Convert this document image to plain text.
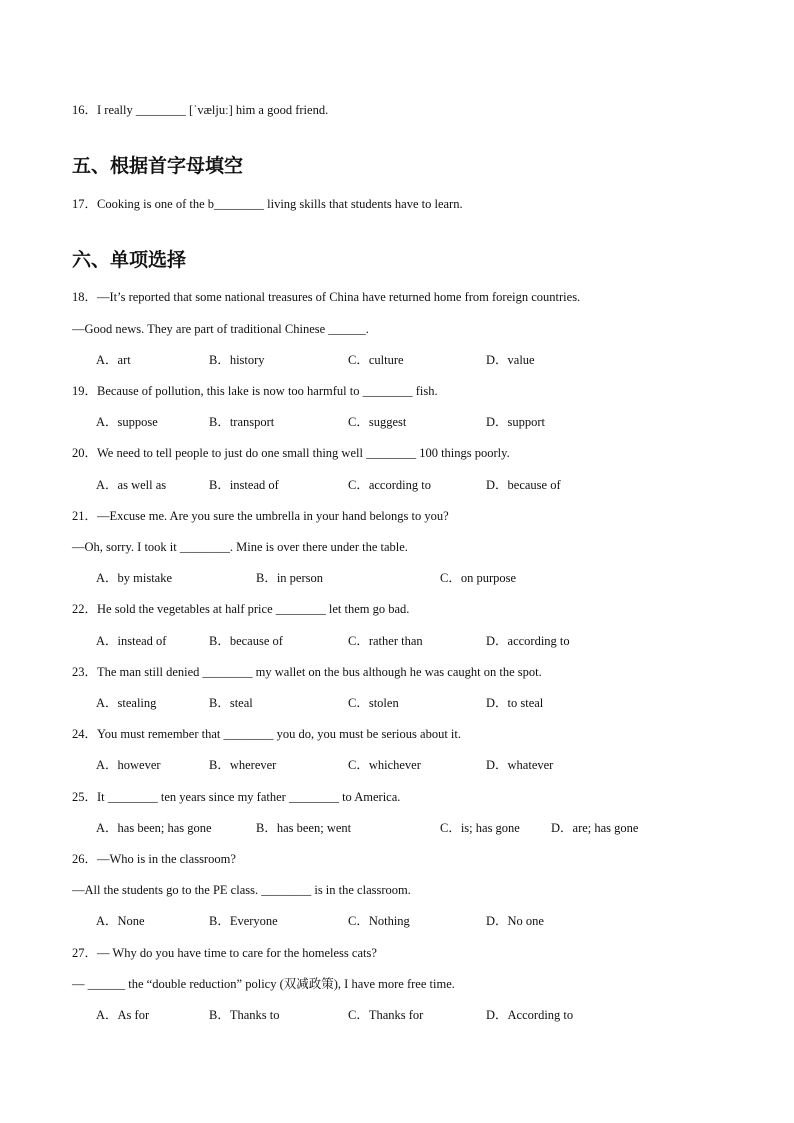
16．I really ________ [ˈvæljuː] him a good friend.
五、根据首字母填空
17．Cooking is one of the b________ living skills that students have to learn.
六、单项选择
18．—It’s reported that some national treasures of China have returned home from foreign countries.
—Good news. They are part of traditional Chinese ______.
A．art	B．history	C．culture	D．value
19．Because of pollution, this lake is now too harmful to ________ fish.
A．suppose	B．transport	C．suggest	D．support
20．We need to tell people to just do one small thing well ________ 100 things poorly.
A．as well as	B．instead of	C．according to	D．because of
21．—Excuse me. Are you sure the umbrella in your hand belongs to you?
—Oh, sorry. I took it ________. Mine is over there under the table.
A．by mistake	B．in person	C．on purpose
22．He sold the vegetables at half price ________ let them go bad.
A．instead of	B．because of	C．rather than	D．according to
23．The man still denied ________ my wallet on the bus although he was caught on the spot.
A．stealing	B．steal	C．stolen	D．to steal
24．You must remember that ________ you do, you must be serious about it.
A．however	B．wherever	C．whichever	D．whatever
25．It ________ ten years since my father ________ to America.
A．has been; has gone	B．has been; went	C．is; has gone D．are; has gone
26．—Who is in the classroom?
—All the students go to the PE class. ________ is in the classroom.
A．None	B．Everyone	C．Nothing	D．No one
27．— Why do you have time to care for the homeless cats?
— ______ the “double reduction” policy (双减政策), I have more free time.
A．As for	B．Thanks to	C．Thanks for	D．According to
